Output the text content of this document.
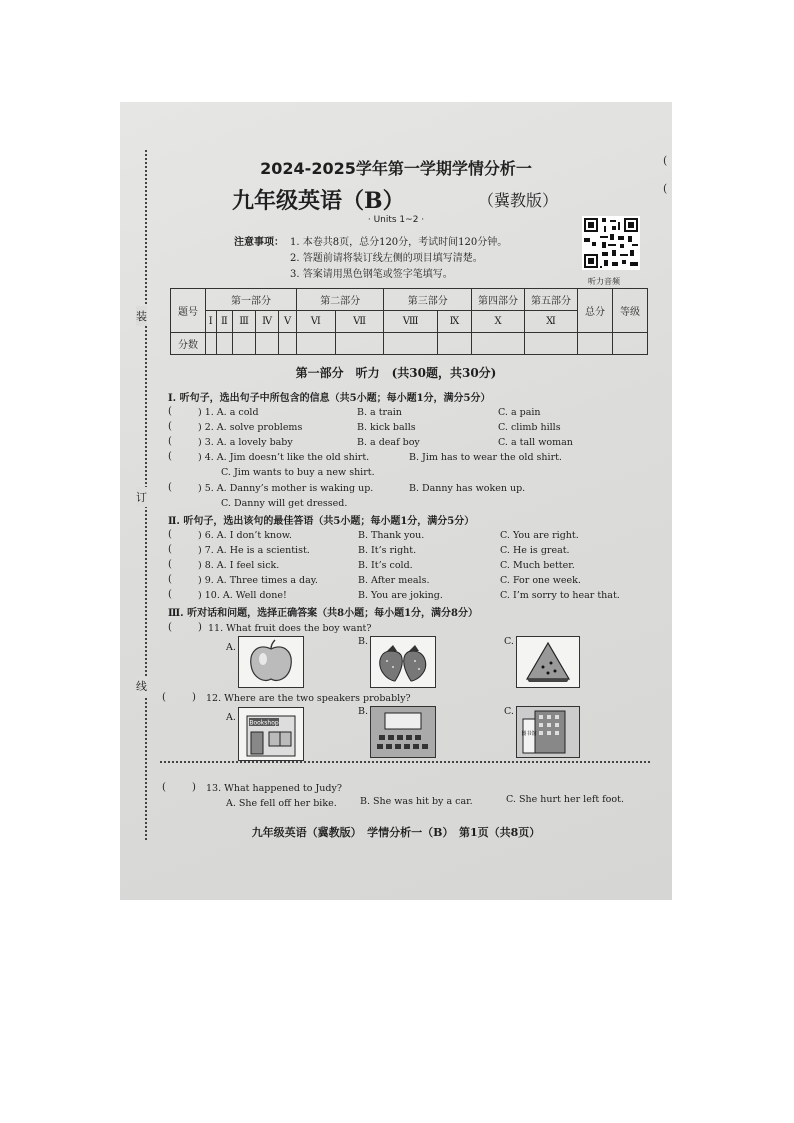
装
订
线
(
(
2024-2025学年第一学期学情分析一
九年级英语（B）	（冀教版）
· Units 1~2 ·
注意事项： 1. 本卷共8页，总分120分，考试时间120分钟。
2. 答题前请将装订线左侧的项目填写清楚。
3. 答案请用黑色钢笔或签字笔填写。
听力音频
题号	第一部分					第二部分		第三部分		第四部分	第五部分	总分	等级
	Ⅰ	Ⅱ	Ⅲ	Ⅳ	Ⅴ	Ⅵ	Ⅶ	Ⅷ	Ⅸ	Ⅹ	Ⅺ		
分数													
第一部分　听力　(共30题，共30分)
Ⅰ. 听句子，选出句子中所包含的信息（共5小题；每小题1分，满分5分）
(	) 1. A. a cold	B. a train	C. a pain
(	) 2. A. solve problems	B. kick balls	C. climb hills
(	) 3. A. a lovely baby	B. a deaf boy	C. a tall woman
(	) 4. A. Jim doesn’t like the old shirt.	B. Jim has to wear the old shirt.
C. Jim wants to buy a new shirt.
(	) 5. A. Danny’s mother is waking up.	B. Danny has woken up.
C. Danny will get dressed.
Ⅱ. 听句子，选出该句的最佳答语（共5小题；每小题1分，满分5分）
(	) 6. A. I don’t know.	B. Thank you.	C. You are right.
(	) 7. A. He is a scientist.	B. It’s right.	C. He is great.
(	) 8. A. I feel sick.	B. It’s cold.	C. Much better.
(	) 9. A. Three times a day.	B. After meals.	C. For one week.
(	) 10. A. Well done!	B. You are joking.	C. I’m sorry to hear that.
Ⅲ. 听对话和问题，选择正确答案（共8小题；每小题1分，满分8分）
(	) 11. What fruit does the boy want?
A.
B.	C.
(	) 12. Where are the two speakers probably?
A. Bookshop
B.	C.
图书馆
(	) 13. What happened to Judy?
A. She fell off her bike. B. She was hit by a car.	C. She hurt her left foot.
九年级英语（冀教版）　学情分析一（B）　第1页（共8页）
